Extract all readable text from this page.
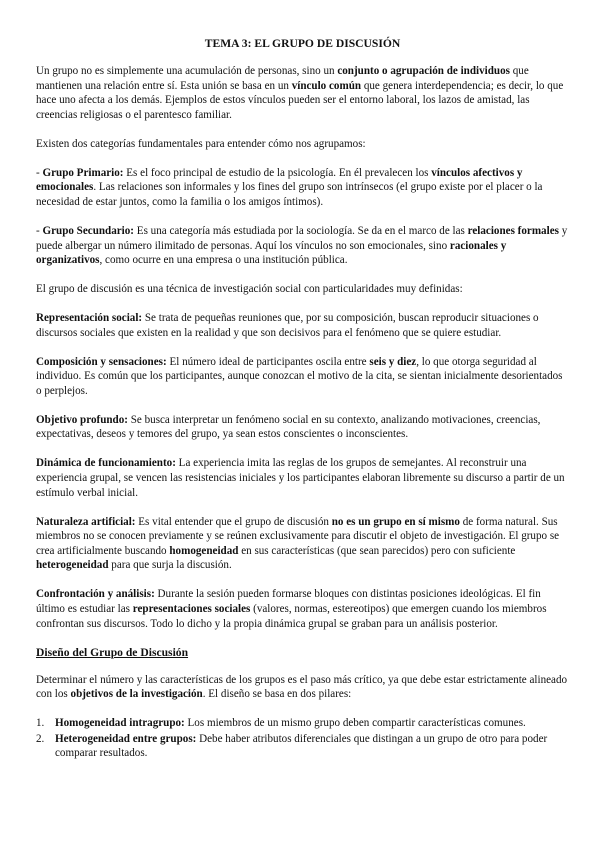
TEMA 3: EL GRUPO DE DISCUSIÓN

Un grupo no es simplemente una acumulación de personas, sino un conjunto o agrupación de individuos que mantienen una relación entre sí. Esta unión se basa en un vínculo común que genera interdependencia; es decir, lo que hace uno afecta a los demás. Ejemplos de estos vínculos pueden ser el entorno laboral, los lazos de amistad, las creencias religiosas o el parentesco familiar.

Existen dos categorías fundamentales para entender cómo nos agrupamos:

- Grupo Primario: Es el foco principal de estudio de la psicología. En él prevalecen los vínculos afectivos y emocionales. Las relaciones son informales y los fines del grupo son intrínsecos (el grupo existe por el placer o la necesidad de estar juntos, como la familia o los amigos íntimos).

- Grupo Secundario: Es una categoría más estudiada por la sociología. Se da en el marco de las relaciones formales y puede albergar un número ilimitado de personas. Aquí los vínculos no son emocionales, sino racionales y organizativos, como ocurre en una empresa o una institución pública.

El grupo de discusión es una técnica de investigación social con particularidades muy definidas:

Representación social: Se trata de pequeñas reuniones que, por su composición, buscan reproducir situaciones o discursos sociales que existen en la realidad y que son decisivos para el fenómeno que se quiere estudiar.

Composición y sensaciones: El número ideal de participantes oscila entre seis y diez, lo que otorga seguridad al individuo. Es común que los participantes, aunque conozcan el motivo de la cita, se sientan inicialmente desorientados o perplejos.

Objetivo profundo: Se busca interpretar un fenómeno social en su contexto, analizando motivaciones, creencias, expectativas, deseos y temores del grupo, ya sean estos conscientes o inconscientes.

Dinámica de funcionamiento: La experiencia imita las reglas de los grupos de semejantes. Al reconstruir una experiencia grupal, se vencen las resistencias iniciales y los participantes elaboran libremente su discurso a partir de un estímulo verbal inicial.

Naturaleza artificial: Es vital entender que el grupo de discusión no es un grupo en sí mismo de forma natural. Sus miembros no se conocen previamente y se reúnen exclusivamente para discutir el objeto de investigación. El grupo se crea artificialmente buscando homogeneidad en sus características (que sean parecidos) pero con suficiente heterogeneidad para que surja la discusión.

Confrontación y análisis: Durante la sesión pueden formarse bloques con distintas posiciones ideológicas. El fin último es estudiar las representaciones sociales (valores, normas, estereotipos) que emergen cuando los miembros confrontan sus discursos. Todo lo dicho y la propia dinámica grupal se graban para un análisis posterior.

Diseño del Grupo de Discusión

Determinar el número y las características de los grupos es el paso más crítico, ya que debe estar estrictamente alineado con los objetivos de la investigación. El diseño se basa en dos pilares:

1. Homogeneidad intragrupo: Los miembros de un mismo grupo deben compartir características comunes.
2. Heterogeneidad entre grupos: Debe haber atributos diferenciales que distingan a un grupo de otro para poder comparar resultados.
